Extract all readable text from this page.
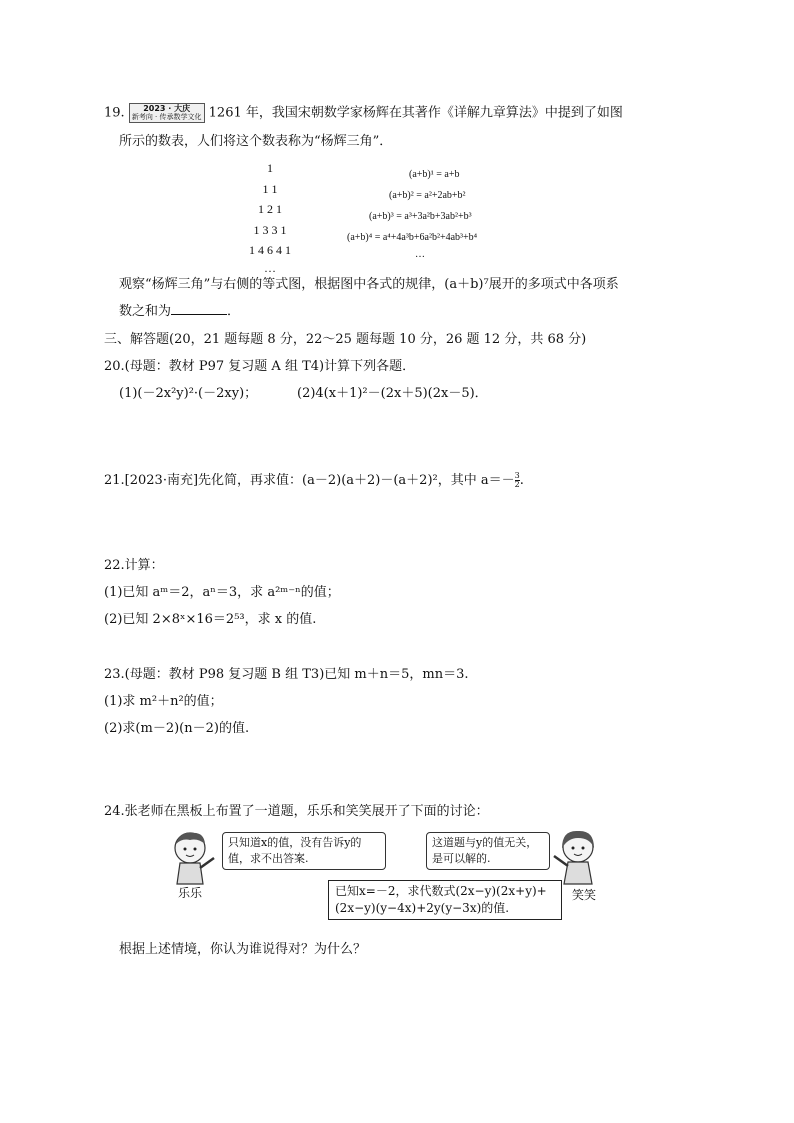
19.	2023 · 大庆
新考向 · 传承数学文化 1261 年，我国宋朝数学家杨辉在其著作《详解九章算法》中提到了如图
所示的数表，人们将这个数表称为“杨辉三角”．
1
1 1
1 2 1
1 3 3 1
1 4 6 4 1
…
(a+b)¹ = a+b
(a+b)² = a²+2ab+b²
(a+b)³ = a³+3a²b+3ab²+b³
(a+b)⁴ = a⁴+4a³b+6a²b²+4ab³+b⁴
…
观察“杨辉三角”与右侧的等式图，根据图中各式的规律，(a＋b)⁷展开的多项式中各项系
数之和为	．
三、解答题(20，21 题每题 8 分，22～25 题每题 10 分，26 题 12 分，共 68 分)
20.(母题：教材 P97 复习题 A 组 T4)计算下列各题．
(1)(－2x²y)²·(－2xy)；	(2)4(x＋1)²－(2x＋5)(2x－5)．
21.[2023·南充]先化简，再求值：(a－2)(a＋2)－(a＋2)²，其中 $a=- \frac{3}{2}$ .
22.计算：
(1)已知 aᵐ＝2，aⁿ＝3，求 a²ᵐ⁻ⁿ的值；
(2)已知 2×8ˣ×16＝2⁵³，求 x 的值.
23.(母题：教材 P98 复习题 B 组 T3)已知 m＋n＝5，mn＝3.
(1)求 m²＋n²的值；
(2)求(m－2)(n－2)的值.
24.张老师在黑板上布置了一道题，乐乐和笑笑展开了下面的讨论：
乐乐
只知道x的值，没有告诉y的值，求不出答案.
这道题与y的值无关，是可以解的.
笑笑
已知x=－2，求代数式(2x−y)(2x+y)+(2x−y)(y−4x)+2y(y−3x)的值.
根据上述情境，你认为谁说得对？为什么？
